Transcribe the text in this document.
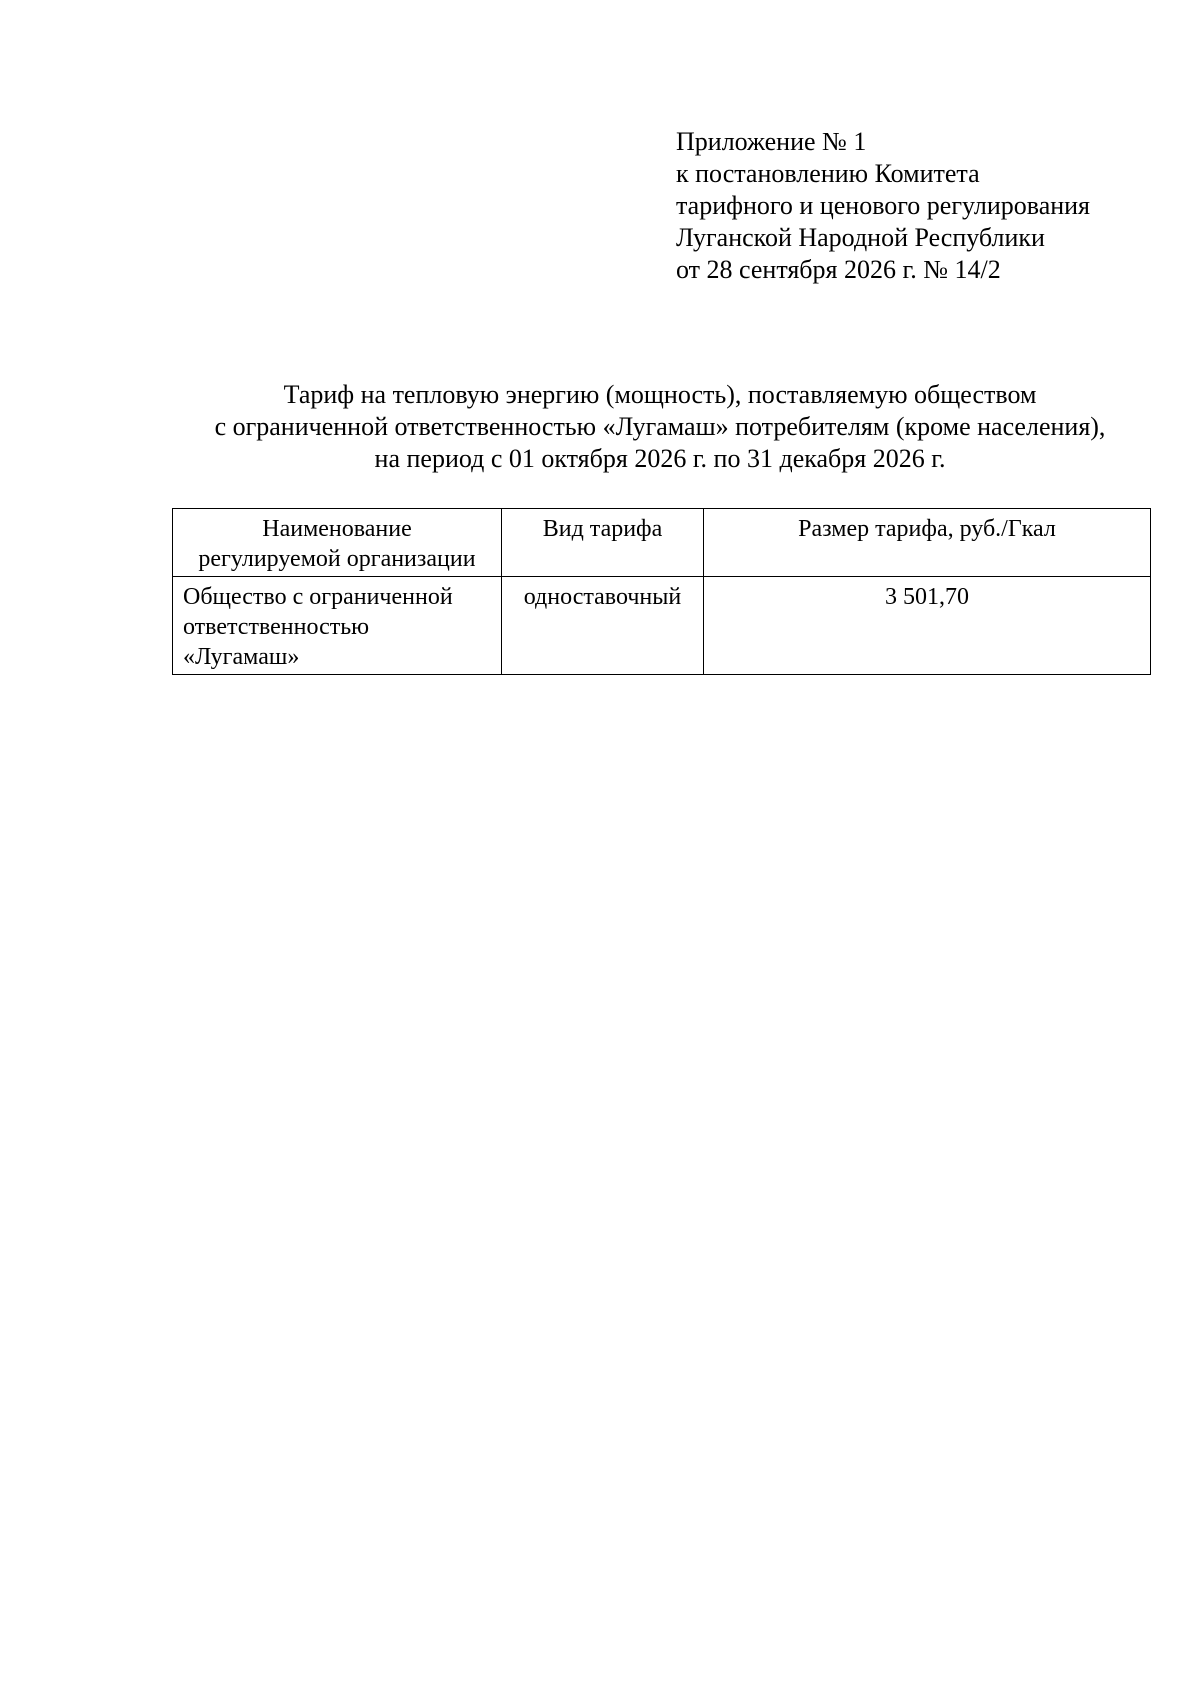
Приложение № 1
к постановлению Комитета
тарифного и ценового регулирования
Луганской Народной Республики
от 28 сентября 2026 г. № 14/2
Тариф на тепловую энергию (мощность), поставляемую обществом
с ограниченной ответственностью «Лугамаш» потребителям (кроме населения),
на период с 01 октября 2026 г. по 31 декабря 2026 г.
Наименование
регулируемой организации	Вид тарифа	Размер тарифа, руб./Гкал

Общество с ограниченной
ответственностью
«Лугамаш»	одноставочный	3 501,70
